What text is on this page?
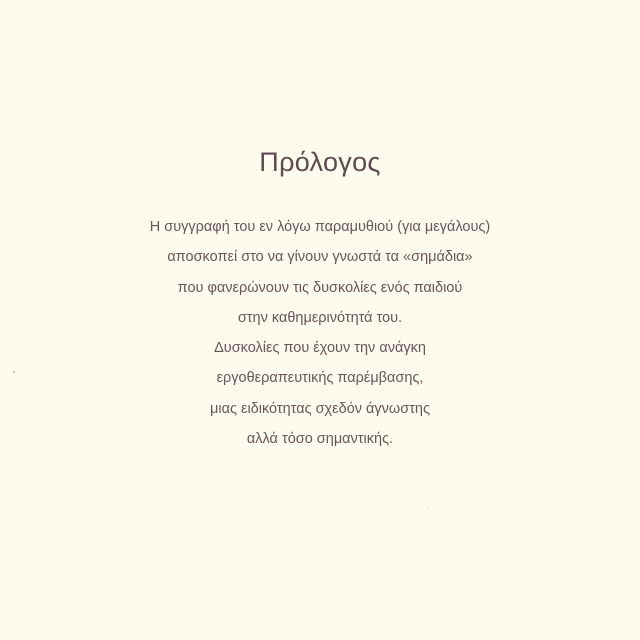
Πρόλογος
Η συγγραφή του εν λόγω παραμυθιού (για μεγάλους)
αποσκοπεί στο να γίνουν γνωστά τα «σημάδια»
που φανερώνουν τις δυσκολίες ενός παιδιού
στην καθημερινότητά του.
Δυσκολίες που έχουν την ανάγκη
εργοθεραπευτικής παρέμβασης,
μιας ειδικότητας σχεδόν άγνωστης
αλλά τόσο σημαντικής.
